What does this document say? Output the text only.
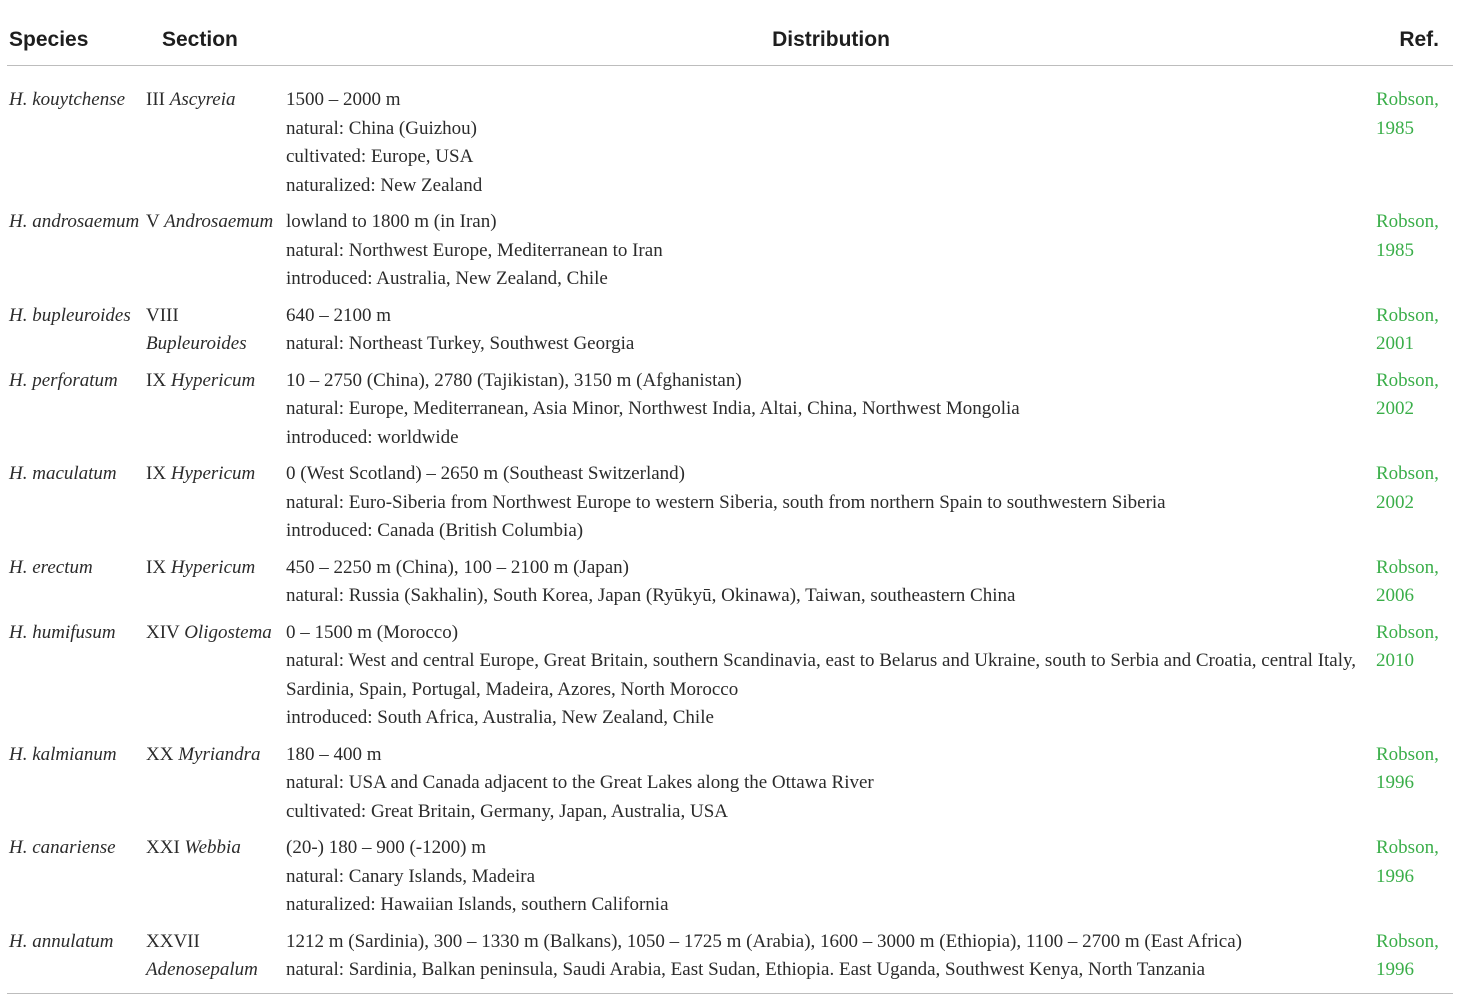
Species	Section	Distribution	Ref.
H. kouytchense	III Ascyreia	1500 – 2000 m
natural: China (Guizhou)
cultivated: Europe, USA
naturalized: New Zealand	Robson, 1985
H. androsaemum	V Androsaemum	lowland to 1800 m (in Iran)
natural: Northwest Europe, Mediterranean to Iran
introduced: Australia, New Zealand, Chile	Robson, 1985
H. bupleuroides	VIII Bupleuroides	640 – 2100 m
natural: Northeast Turkey, Southwest Georgia	Robson, 2001
H. perforatum	IX Hypericum	10 – 2750 (China), 2780 (Tajikistan), 3150 m (Afghanistan)
natural: Europe, Mediterranean, Asia Minor, Northwest India, Altai, China, Northwest Mongolia
introduced: worldwide	Robson, 2002
H. maculatum	IX Hypericum	0 (West Scotland) – 2650 m (Southeast Switzerland)
natural: Euro-Siberia from Northwest Europe to western Siberia, south from northern Spain to southwestern Siberia
introduced: Canada (British Columbia)	Robson, 2002
H. erectum	IX Hypericum	450 – 2250 m (China), 100 – 2100 m (Japan)
natural: Russia (Sakhalin), South Korea, Japan (Ryūkyū, Okinawa), Taiwan, southeastern China	Robson, 2006
H. humifusum	XIV Oligostema	0 – 1500 m (Morocco)
natural: West and central Europe, Great Britain, southern Scandinavia, east to Belarus and Ukraine, south to Serbia and Croatia, central Italy, Sardinia, Spain, Portugal, Madeira, Azores, North Morocco
introduced: South Africa, Australia, New Zealand, Chile	Robson, 2010
H. kalmianum	XX Myriandra	180 – 400 m
natural: USA and Canada adjacent to the Great Lakes along the Ottawa River
cultivated: Great Britain, Germany, Japan, Australia, USA	Robson, 1996
H. canariense	XXI Webbia	(20-) 180 – 900 (-1200) m
natural: Canary Islands, Madeira
naturalized: Hawaiian Islands, southern California	Robson, 1996
H. annulatum	XXVII Adenosepalum	1212 m (Sardinia), 300 – 1330 m (Balkans), 1050 – 1725 m (Arabia), 1600 – 3000 m (Ethiopia), 1100 – 2700 m (East Africa)
natural: Sardinia, Balkan peninsula, Saudi Arabia, East Sudan, Ethiopia. East Uganda, Southwest Kenya, North Tanzania	Robson, 1996
